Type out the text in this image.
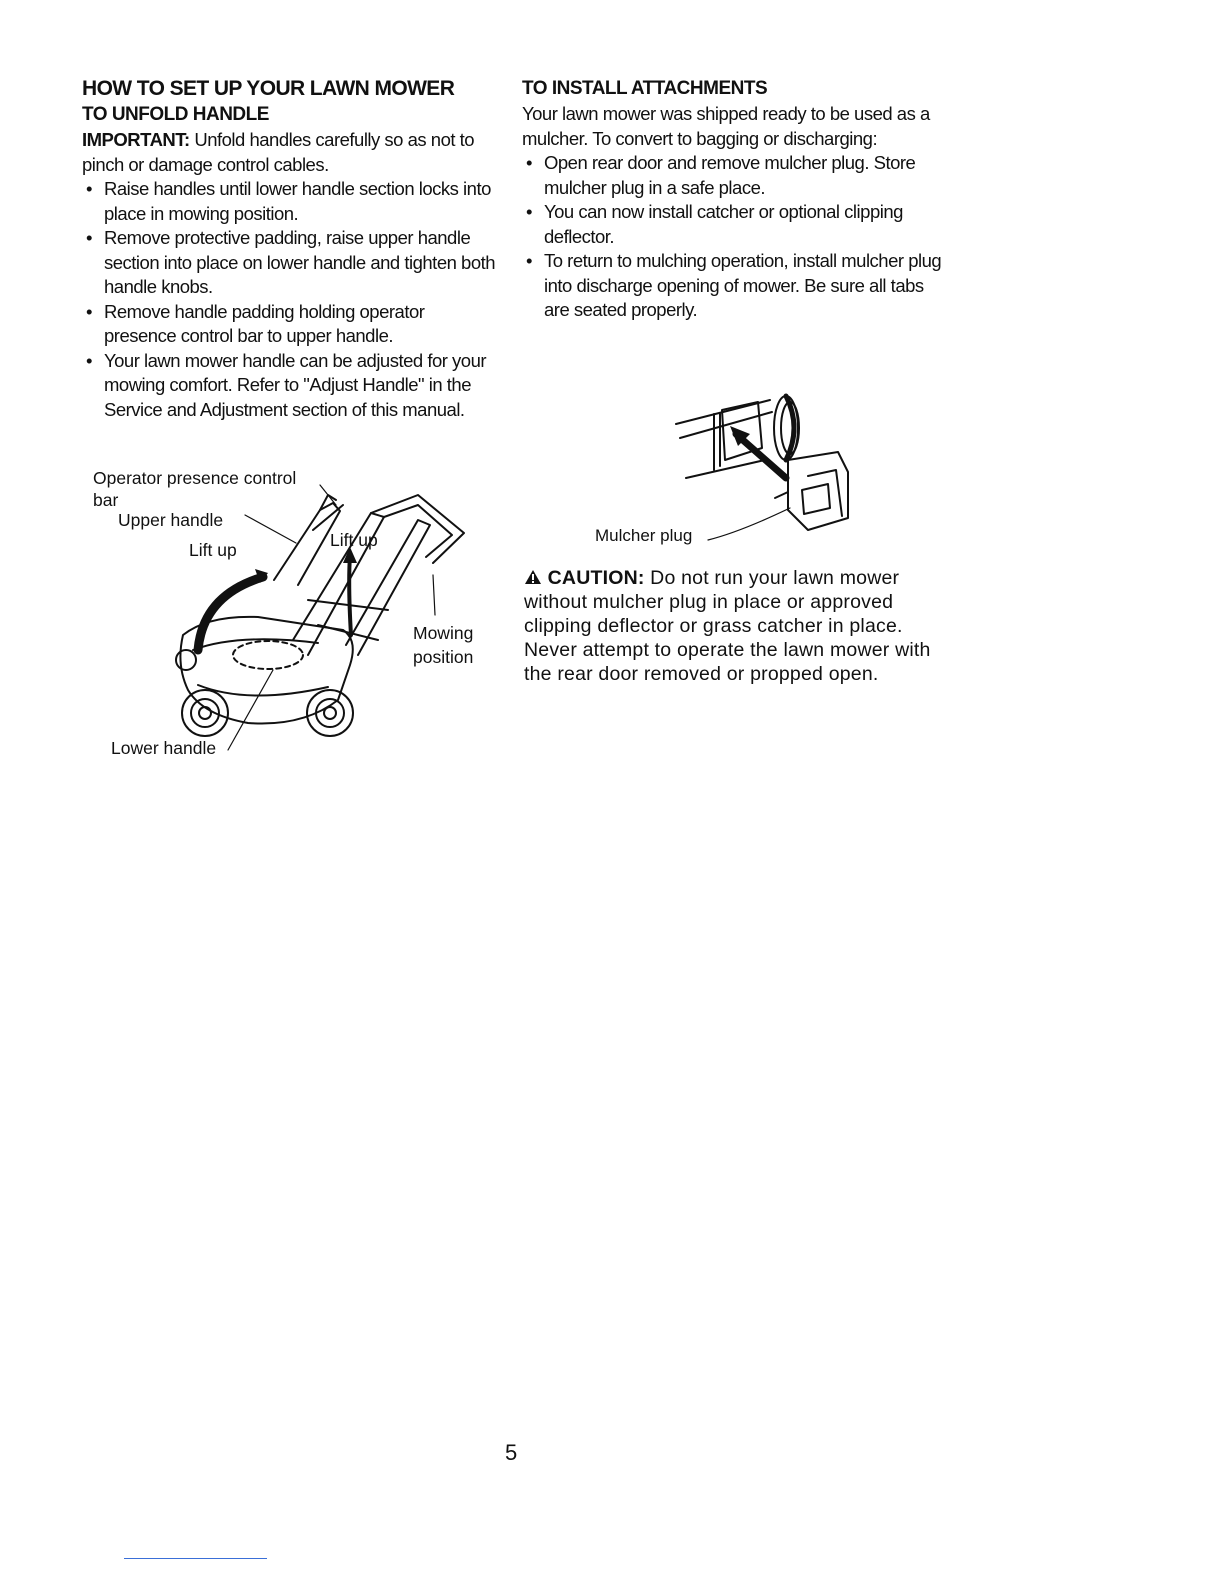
HOW TO SET UP YOUR LAWN MOWER
TO UNFOLD HANDLE

IMPORTANT: Unfold handles carefully so as not to pinch or damage control cables.

• Raise handles until lower handle section locks into place in mowing position.
• Remove protective padding, raise upper handle section into place on lower handle and tighten both handle knobs.
• Remove handle padding holding operator presence control bar to upper handle.
• Your lawn mower handle can be adjusted for your mowing comfort. Refer to "Adjust Handle" in the Service and Adjustment section of this manual.
Operator presence control
bar
Upper handle
Lift up	Lift up
Mowing
position
Lower handle
TO INSTALL ATTACHMENTS

Your lawn mower was shipped ready to be used as a mulcher. To convert to bagging or discharging:

• Open rear door and remove mulcher plug. Store mulcher plug in a safe place.
• You can now install catcher or optional clipping deflector.
• To return to mulching operation, install mulcher plug into discharge opening of mower. Be sure all tabs are seated properly.
Mulcher plug
CAUTION: Do not run your lawn mower without mulcher plug in place or approved clipping deflector or grass catcher in place. Never attempt to operate the lawn mower with the rear door removed or propped open.
5
